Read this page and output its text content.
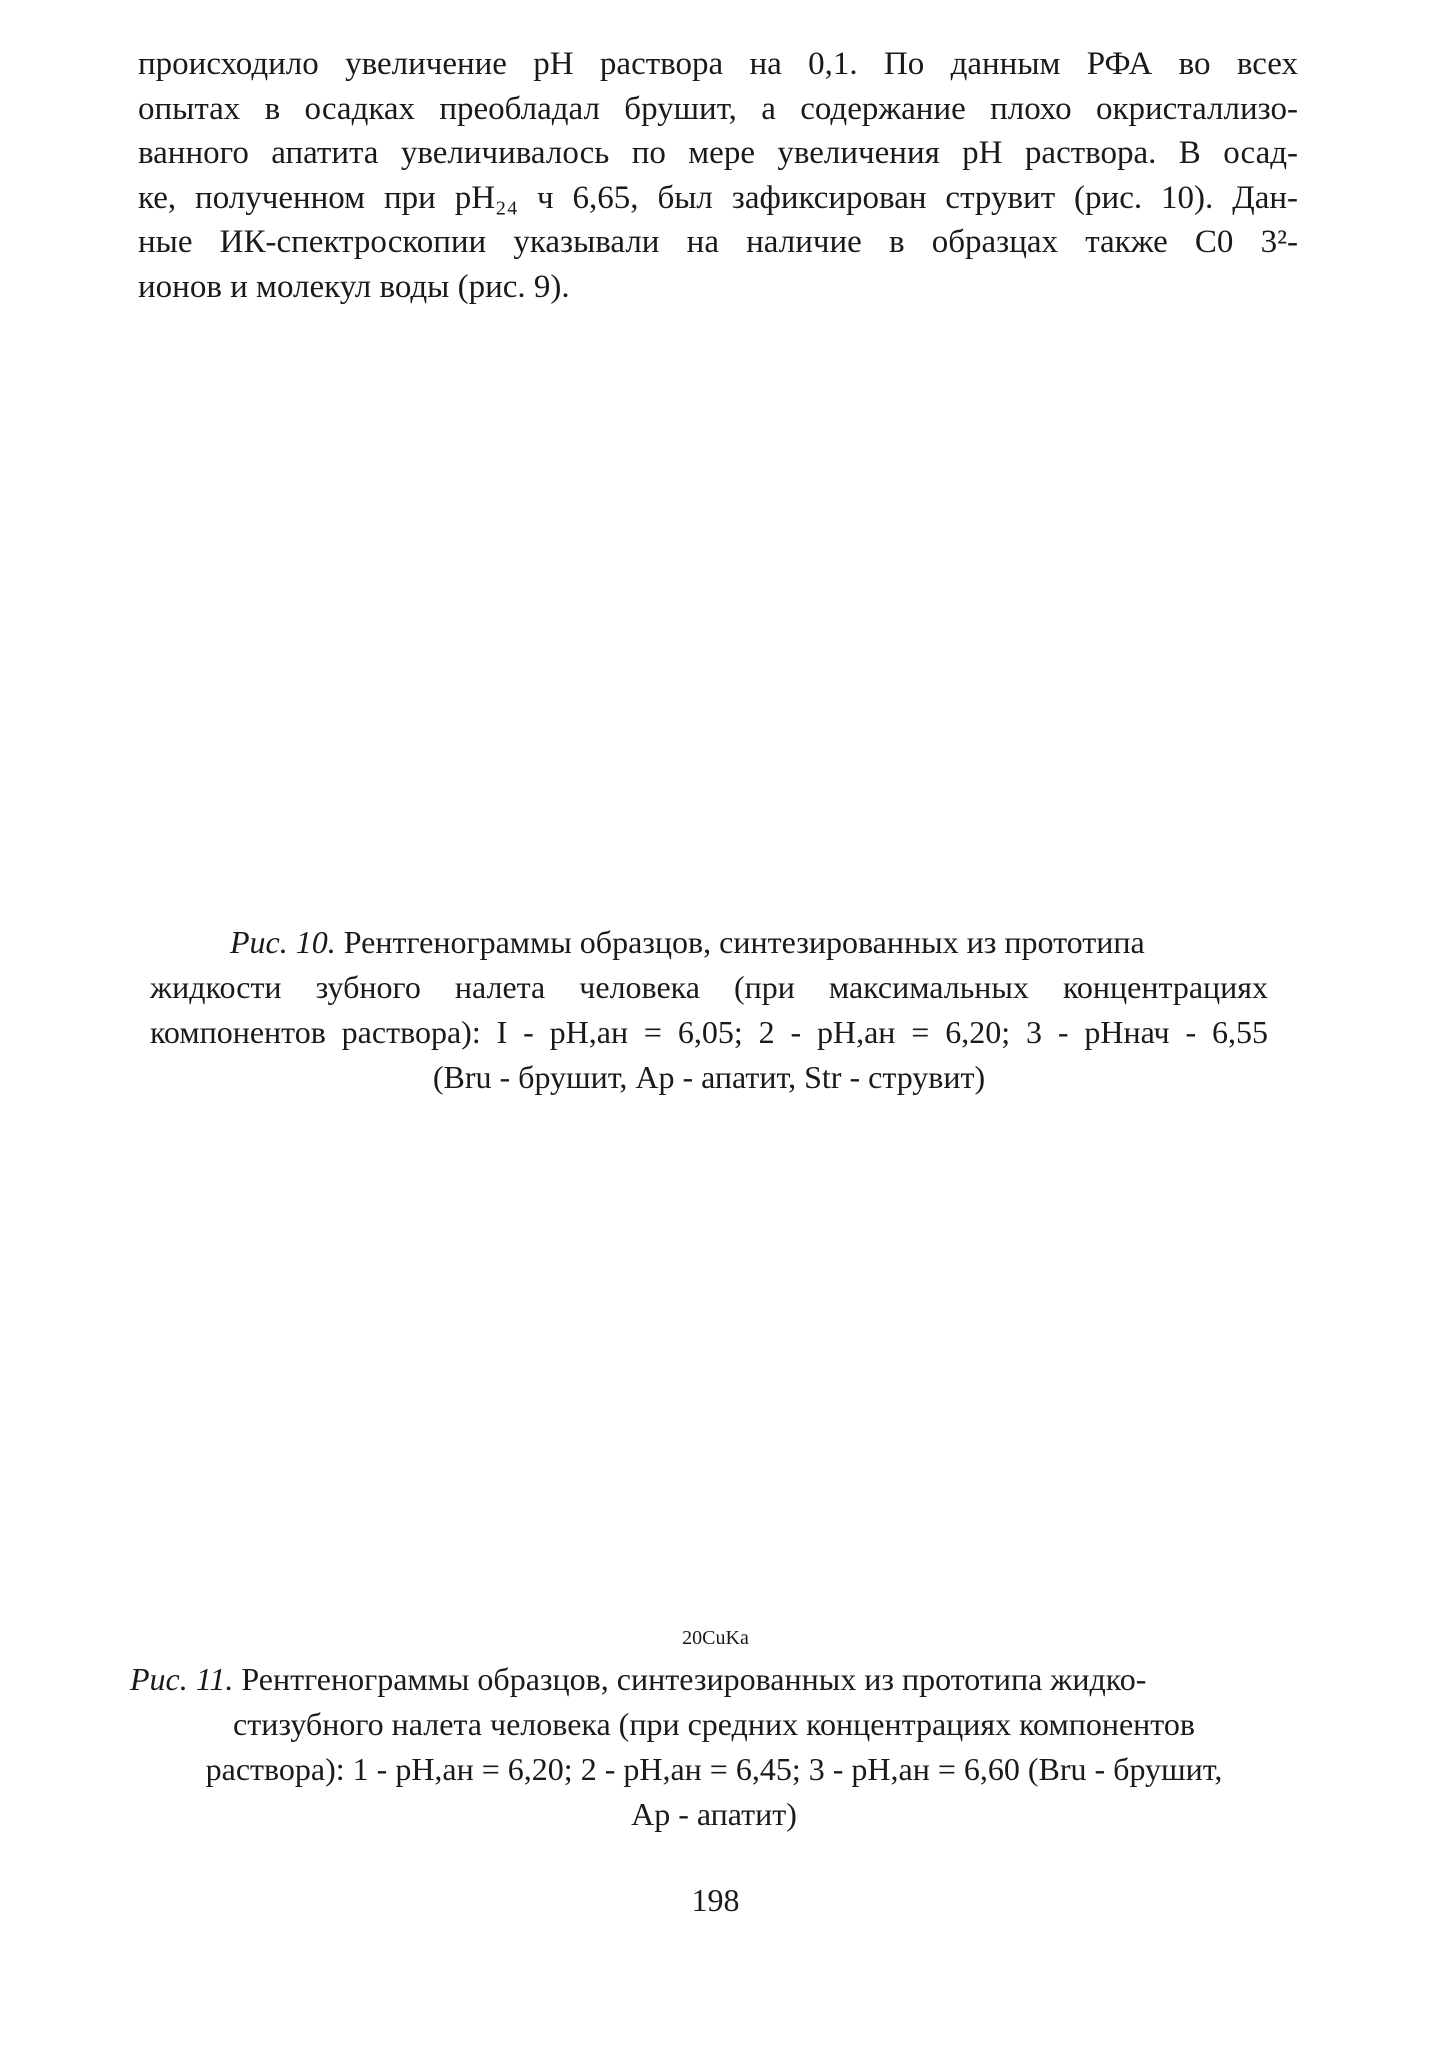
происходило увеличение pH раствора на 0,1. По данным РФА во всех
опытах в осадках преобладал брушит, а содержание плохо окристаллизо-
ванного апатита увеличивалось по мере увеличения pH раствора. В осад-
ке, полученном при pH₂₄ ч 6,65, был зафиксирован струвит (рис. 10). Дан-
ные ИК-спектроскопии указывали на наличие в образцах также C0 3²-
ионов и молекул воды (рис. 9).
Рис. 10. Рентгенограммы образцов, синтезированных из прототипа
жидкости зубного налета человека (при максимальных концентрациях
компонентов раствора): I - pH,ан = 6,05; 2 - pH,ан = 6,20; 3 - pHнач - 6,55
(Bru - брушит, Ар - апатит, Str - струвит)
20CuKa
Рис. 11. Рентгенограммы образцов, синтезированных из прототипа жидко-
стизубного налета человека (при средних концентрациях компонентов
раствора): 1 - pH,ан = 6,20; 2 - pH,ан = 6,45; 3 - pH,ан = 6,60 (Bru - брушит,
Ар - апатит)
198
